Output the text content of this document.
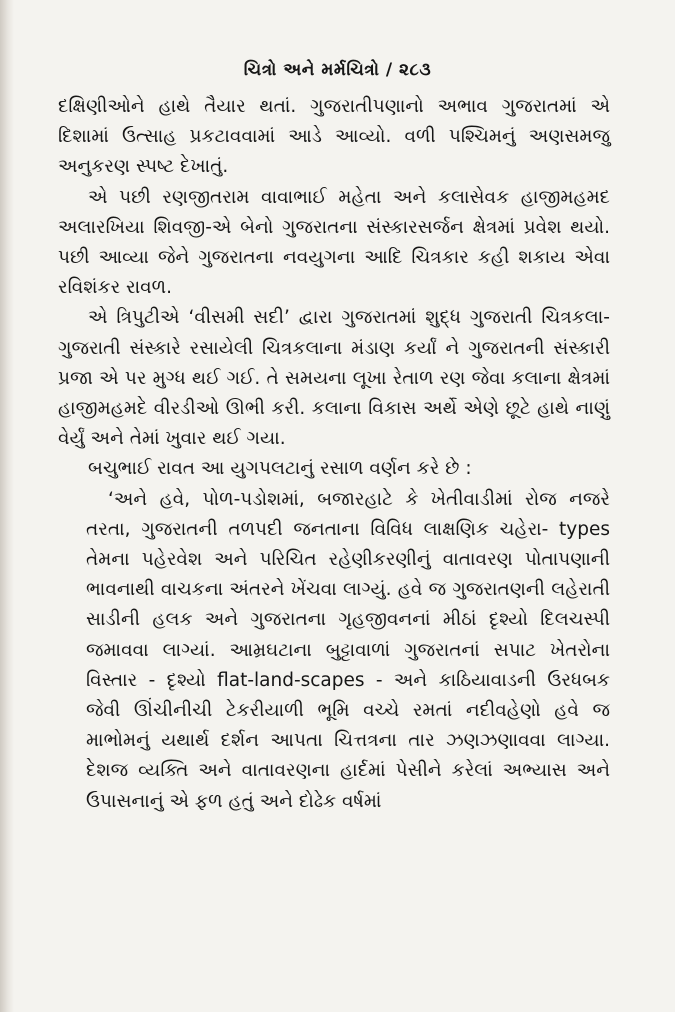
ચિત્રો અને મર્મચિત્રો / ૨૮૩

દક્ષિણીઓને હાથે તૈયાર થતાં. ગુજરાતીપણાનો અભાવ ગુજરાતમાં એ દિશામાં ઉત્સાહ પ્રકટાવવામાં આડે આવ્યો. વળી પશ્ચિમનું અણસમજુ અનુકરણ સ્પષ્ટ દેખાતું.

એ પછી રણજીતરામ વાવાભાઈ મહેતા અને કલાસેવક હાજીમહમદ અલારખિયા શિવજી-એ બેનો ગુજરાતના સંસ્કારસર્જન ક્ષેત્રમાં પ્રવેશ થયો. પછી આવ્યા જેને ગુજરાતના નવયુગના આદિ ચિત્રકાર કહી શકાય એવા રવિશંકર રાવળ.

એ ત્રિપુટીએ ‘વીસમી સદી’ દ્વારા ગુજરાતમાં શુદ્ધ ગુજરાતી ચિત્રકલા-ગુજરાતી સંસ્કારે રસાયેલી ચિત્રકલાના મંડાણ કર્યાં ને ગુજરાતની સંસ્કારી પ્રજા એ પર મુગ્ધ થઈ ગઈ. તે સમયના લૂખા રેતાળ રણ જેવા કલાના ક્ષેત્રમાં હાજીમહમદે વીરડીઓ ઊભી કરી. કલાના વિકાસ અર્થે એણે છૂટે હાથે નાણું વેર્યું અને તેમાં ખુવાર થઈ ગયા.

બચુભાઈ રાવત આ યુગપલટાનું રસાળ વર્ણન કરે છે :

‘અને હવે, પોળ-પડોશમાં, બજારહાટે કે ખેતીવાડીમાં રોજ નજરે તરતા, ગુજરાતની તળપદી જનતાના વિવિધ લાક્ષણિક ચહેરા- types તેમના પહેરવેશ અને પરિચિત રહેણીકરણીનું વાતાવરણ પોતાપણાની ભાવનાથી વાચકના અંતરને ખેંચવા લાગ્યું. હવે જ ગુજરાતણની લહેરાતી સાડીની હલક અને ગુજરાતના ગૃહજીવનનાં મીઠાં દૃશ્યો દિલચસ્પી જમાવવા લાગ્યાં. આમ્રઘટાના બુટ્ટાવાળાં ગુજરાતનાં સપાટ ખેતરોના વિસ્તાર - દૃશ્યો flat-land-scapes - અને કાઠિયાવાડની ઉરધબક જેવી ઊંચીનીચી ટેકરીયાળી ભૂમિ વચ્ચે રમતાં નદીવહેણો હવે જ માભોમનું યથાર્થ દર્શન આપતા ચિત્તત્રના તાર ઝણઝણાવવા લાગ્યા. દેશજ વ્યક્તિ અને વાતાવરણના હાર્દમાં પેસીને કરેલાં અભ્યાસ અને ઉપાસનાનું એ ફળ હતું અને દોઢેક વર્ષમાં
